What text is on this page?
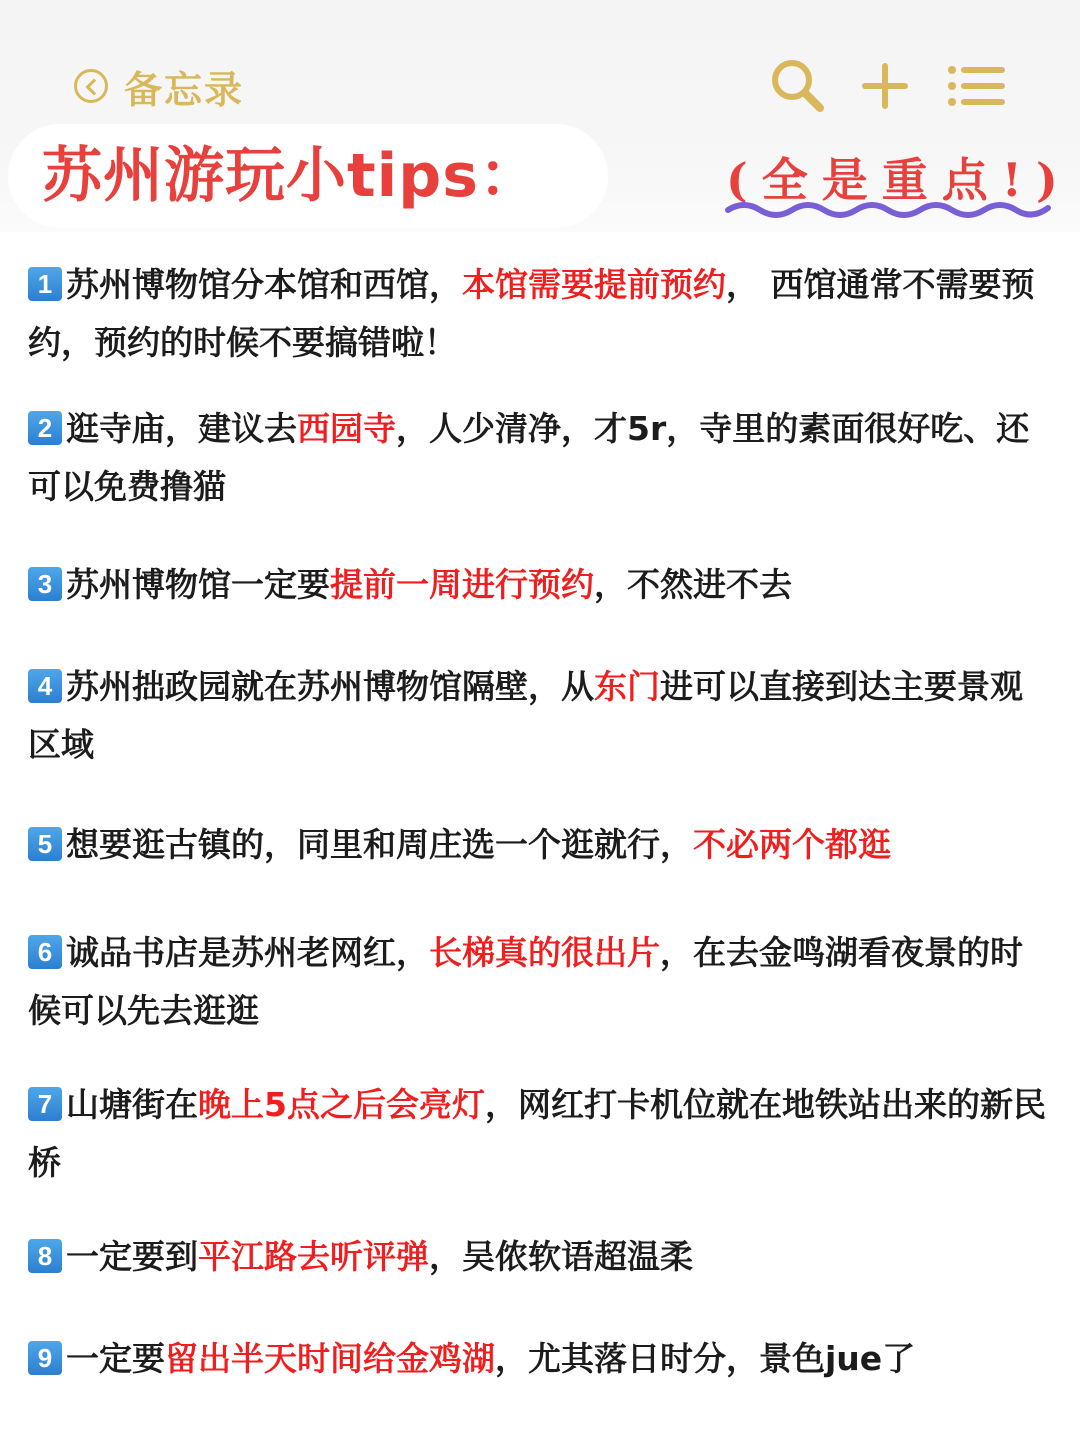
备忘录
苏州游玩小tips：	(全是重点!)
1 苏州博物馆分本馆和西馆，本馆需要提前预约， 西馆通常不需要预约，预约的时候不要搞错啦！
2 逛寺庙，建议去西园寺，人少清净，才5r，寺里的素面很好吃、还可以免费撸猫
3 苏州博物馆一定要提前一周进行预约，不然进不去
4 苏州拙政园就在苏州博物馆隔壁，从东门进可以直接到达主要景观区域
5 想要逛古镇的，同里和周庄选一个逛就行，不必两个都逛
6 诚品书店是苏州老网红，长梯真的很出片，在去金鸣湖看夜景的时候可以先去逛逛
7 山塘街在晚上5点之后会亮灯，网红打卡机位就在地铁站出来的新民桥
8 一定要到平江路去听评弹，吴侬软语超温柔
9 一定要留出半天时间给金鸡湖，尤其落日时分，景色jue了
